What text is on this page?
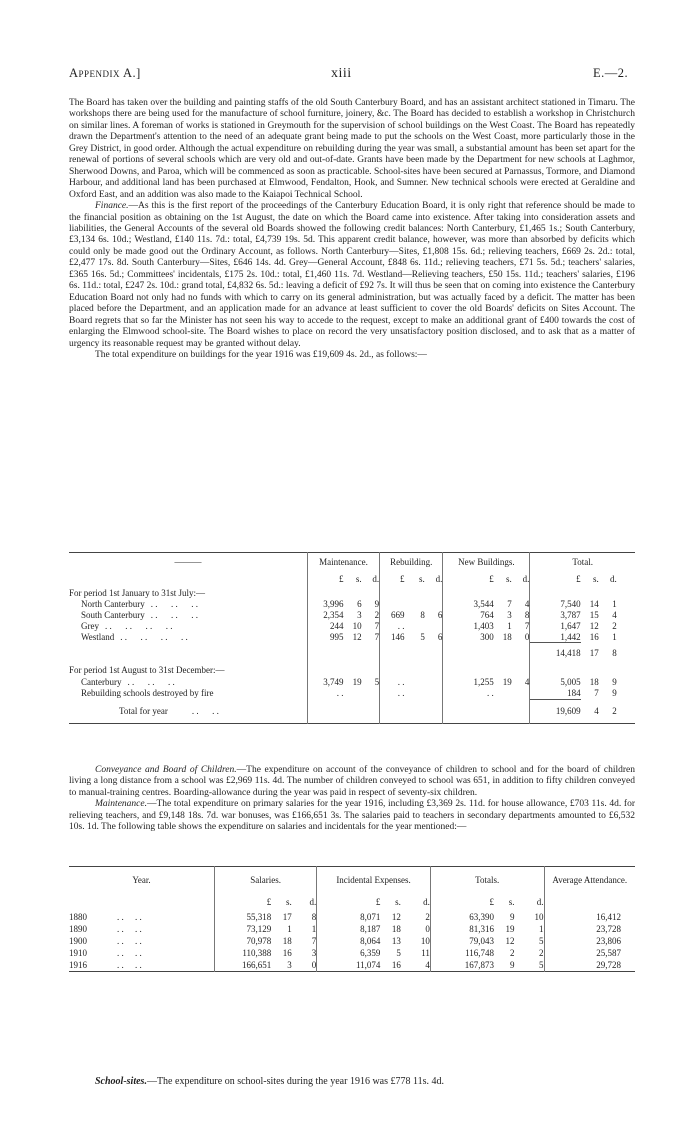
Appendix A.]	xiii	E.—2.

The Board has taken over the building and painting staffs of the old South Canterbury Board, and has an assistant architect stationed in Timaru. The workshops there are being used for the manufacture of school furniture, joinery, &c. The Board has decided to establish a workshop in Christchurch on similar lines. A foreman of works is stationed in Greymouth for the supervision of school buildings on the West Coast. The Board has repeatedly drawn the Department's attention to the need of an adequate grant being made to put the schools on the West Coast, more particularly those in the Grey District, in good order. Although the actual expenditure on rebuilding during the year was small, a substantial amount has been set apart for the renewal of portions of several schools which are very old and out-of-date. Grants have been made by the Department for new schools at Laghmor, Sherwood Downs, and Paroa, which will be commenced as soon as practicable. School-sites have been secured at Parnassus, Tormore, and Diamond Harbour, and additional land has been purchased at Elmwood, Fendalton, Hook, and Sumner. New technical schools were erected at Geraldine and Oxford East, and an addition was also made to the Kaiapoi Technical School.

Finance.—As this is the first report of the proceedings of the Canterbury Education Board, it is only right that reference should be made to the financial position as obtaining on the 1st August, the date on which the Board came into existence. After taking into consideration assets and liabilities, the General Accounts of the several old Boards showed the following credit balances: North Canterbury, £1,465 1s.; South Canterbury, £3,134 6s. 10d.; Westland, £140 11s. 7d.: total, £4,739 19s. 5d. This apparent credit balance, however, was more than absorbed by deficits which could only be made good out the Ordinary Account, as follows. North Canterbury—Sites, £1,808 15s. 6d.; relieving teachers, £669 2s. 2d.: total, £2,477 17s. 8d. South Canterbury—Sites, £646 14s. 4d. Grey—General Account, £848 6s. 11d.; relieving teachers, £71 5s. 5d.; teachers' salaries, £365 16s. 5d.; Committees' incidentals, £175 2s. 10d.: total, £1,460 11s. 7d. Westland—Relieving teachers, £50 15s. 11d.; teachers' salaries, £196 6s. 11d.: total, £247 2s. 10d.: grand total, £4,832 6s. 5d.: leaving a deficit of £92 7s. It will thus be seen that on coming into existence the Canterbury Education Board not only had no funds with which to carry on its general administration, but was actually faced by a deficit. The matter has been placed before the Department, and an application made for an advance at least sufficient to cover the old Boards' deficits on Sites Account. The Board regrets that so far the Minister has not seen his way to accede to the request, except to make an additional grant of £400 towards the cost of enlarging the Elmwood school-site. The Board wishes to place on record the very unsatisfactory position disclosed, and to ask that as a matter of urgency its reasonable request may be granted without delay.

The total expenditure on buildings for the year 1916 was £19,609 4s. 2d., as follows:—

———	Maintenance.			Rebuilding.			New Buildings.			Total.			
	£	s.	d.	£	s.	d.	£	s.	d.	£	s.	d.	
For period 1st January to 31st July:—													
North Canterbury . .      . .      . .	3,996	6	9				3,544	7	4	7,540	14	1	
South Canterbury . .      . .      . .	2,354	3	2	669	8	6	764	3	8	3,787	15	4	
Grey . .      . .      . .      . .	244	10	7	. .			1,403	1	7	1,647	12	2	
Westland . .      . .      . .      . .	995	12	7	146	5	6	300	18	0	1,442	16	1	
										14,418	17	8	
For period 1st August to 31st December:—													
Canterbury . .      . .      . .	3,749	19	5	. .			1,255	19	4	5,005	18	9	
Rebuilding schools destroyed by fire	. .			. .			. .			184	7	9	
Total for year . .      . .										19,609	4	2	

Conveyance and Board of Children.—The expenditure on account of the conveyance of children to school and for the board of children living a long distance from a school was £2,969 11s. 4d. The number of children conveyed to school was 651, in addition to fifty children conveyed to manual-training centres. Boarding-allowance during the year was paid in respect of seventy-six children.

Maintenance.—The total expenditure on primary salaries for the year 1916, including £3,369 2s. 11d. for house allowance, £703 11s. 4d. for relieving teachers, and £9,148 18s. 7d. war bonuses, was £166,651 3s. The salaries paid to teachers in secondary departments amounted to £6,532 10s. 1d. The following table shows the expenditure on salaries and incidentals for the year mentioned:—

Year.	Salaries.			Incidental Expenses.			Totals.			Average Attendance.
	£	s.	d.	£	s.	d.	£	s.	d.	
1880 . .     . .	55,318	17	8	8,071	12	2	63,390	9	10	16,412
1890 . .     . .	73,129	1	1	8,187	18	0	81,316	19	1	23,728
1900 . .     . .	70,978	18	7	8,064	13	10	79,043	12	5	23,806
1910 . .     . .	110,388	16	3	6,359	5	11	116,748	2	2	25,587
1916 . .     . .	166,651	3	0	11,074	16	4	167,873	9	5	29,728

School-sites.—The expenditure on school-sites during the year 1916 was £778 11s. 4d.
